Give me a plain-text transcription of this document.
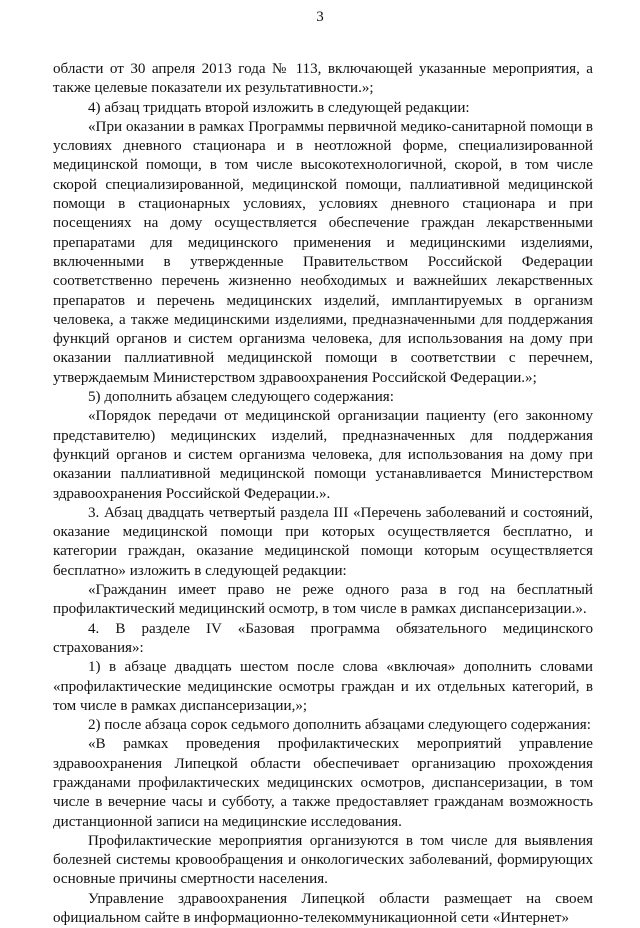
3

области от 30 апреля 2013 года № 113, включающей указанные мероприятия, а также целевые показатели их результативности.»;

4) абзац тридцать второй изложить в следующей редакции:

«При оказании в рамках Программы первичной медико-санитарной помощи в условиях дневного стационара и в неотложной форме, специализированной медицинской помощи, в том числе высокотехнологичной, скорой, в том числе скорой специализированной, медицинской помощи, паллиативной медицинской помощи в стационарных условиях, условиях дневного стационара и при посещениях на дому осуществляется обеспечение граждан лекарственными препаратами для медицинского применения и медицинскими изделиями, включенными в утвержденные Правительством Российской Федерации соответственно перечень жизненно необходимых и важнейших лекарственных препаратов и перечень медицинских изделий, имплантируемых в организм человека, а также медицинскими изделиями, предназначенными для поддержания функций органов и систем организма человека, для использования на дому при оказании паллиативной медицинской помощи в соответствии с перечнем, утверждаемым Министерством здравоохранения Российской Федерации.»;

5) дополнить абзацем следующего содержания:

«Порядок передачи от медицинской организации пациенту (его законному представителю) медицинских изделий, предназначенных для поддержания функций органов и систем организма человека, для использования на дому при оказании паллиативной медицинской помощи устанавливается Министерством здравоохранения Российской Федерации.».

3. Абзац двадцать четвертый раздела III «Перечень заболеваний и состояний, оказание медицинской помощи при которых осуществляется бесплатно, и категории граждан, оказание медицинской помощи которым осуществляется бесплатно» изложить в следующей редакции:

«Гражданин имеет право не реже одного раза в год на бесплатный профилактический медицинский осмотр, в том числе в рамках диспансеризации.».

4. В разделе IV «Базовая программа обязательного медицинского страхования»:

1) в абзаце двадцать шестом после слова «включая» дополнить словами «профилактические медицинские осмотры граждан и их отдельных категорий, в том числе в рамках диспансеризации,»;

2) после абзаца сорок седьмого дополнить абзацами следующего содержания:

«В рамках проведения профилактических мероприятий управление здравоохранения Липецкой области обеспечивает организацию прохождения гражданами профилактических медицинских осмотров, диспансеризации, в том числе в вечерние часы и субботу, а также предоставляет гражданам возможность дистанционной записи на медицинские исследования.

Профилактические мероприятия организуются в том числе для выявления болезней системы кровообращения и онкологических заболеваний, формирующих основные причины смертности населения.

Управление здравоохранения Липецкой области размещает на своем официальном сайте в информационно-телекоммуникационной сети «Интернет»
